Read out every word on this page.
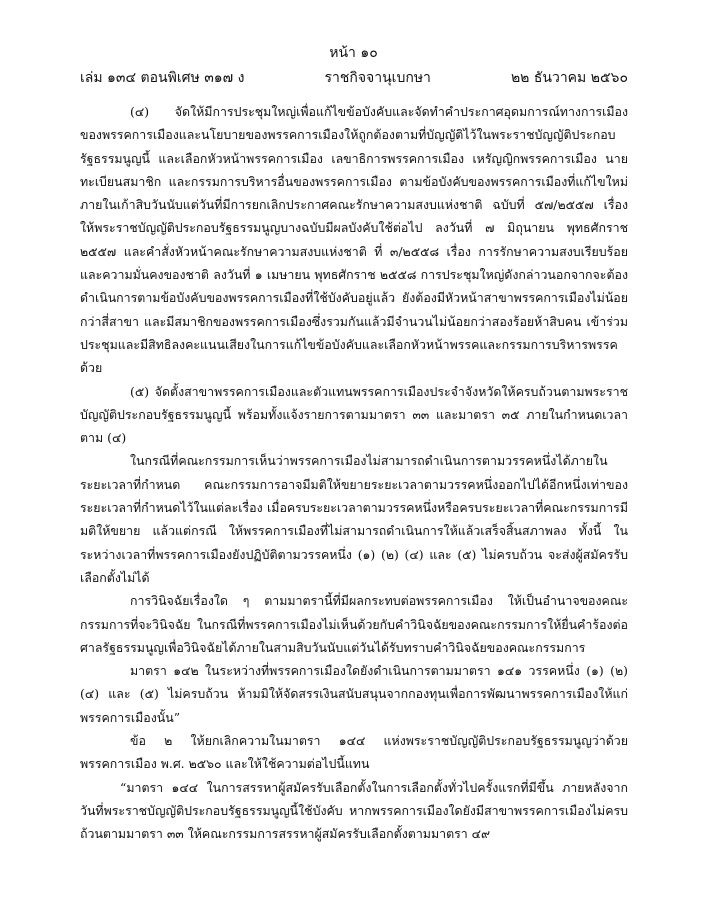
หน้า ๑๐
เล่ม ๑๓๔ ตอนพิเศษ ๓๑๗ ง	ราชกิจจานุเบกษา	๒๒ ธันวาคม ๒๕๖๐

(๔) จัดให้มีการประชุมใหญ่เพื่อแก้ไขข้อบังคับและจัดทำคำประกาศอุดมการณ์ทางการเมืองของพรรคการเมืองและนโยบายของพรรคการเมืองให้ถูกต้องตามที่บัญญัติไว้ในพระราชบัญญัติประกอบรัฐธรรมนูญนี้ และเลือกหัวหน้าพรรคการเมือง เลขาธิการพรรคการเมือง เหรัญญิกพรรคการเมือง นายทะเบียนสมาชิก และกรรมการบริหารอื่นของพรรคการเมือง ตามข้อบังคับของพรรคการเมืองที่แก้ไขใหม่ภายในเก้าสิบวันนับแต่วันที่มีการยกเลิกประกาศคณะรักษาความสงบแห่งชาติ ฉบับที่ ๕๗/๒๕๕๗ เรื่อง ให้พระราชบัญญัติประกอบรัฐธรรมนูญบางฉบับมีผลบังคับใช้ต่อไป ลงวันที่ ๗ มิถุนายน พุทธศักราช ๒๕๕๗ และคำสั่งหัวหน้าคณะรักษาความสงบแห่งชาติ ที่ ๓/๒๕๕๘ เรื่อง การรักษาความสงบเรียบร้อยและความมั่นคงของชาติ ลงวันที่ ๑ เมษายน พุทธศักราช ๒๕๕๘ การประชุมใหญ่ดังกล่าวนอกจากจะต้องดำเนินการตามข้อบังคับของพรรคการเมืองที่ใช้บังคับอยู่แล้ว ยังต้องมีหัวหน้าสาขาพรรคการเมืองไม่น้อยกว่าสี่สาขา และมีสมาชิกของพรรคการเมืองซึ่งรวมกันแล้วมีจำนวนไม่น้อยกว่าสองร้อยห้าสิบคน เข้าร่วมประชุมและมีสิทธิลงคะแนนเสียงในการแก้ไขข้อบังคับและเลือกหัวหน้าพรรคและกรรมการบริหารพรรคด้วย

(๕) จัดตั้งสาขาพรรคการเมืองและตัวแทนพรรคการเมืองประจำจังหวัดให้ครบถ้วนตามพระราชบัญญัติประกอบรัฐธรรมนูญนี้ พร้อมทั้งแจ้งรายการตามมาตรา ๓๓ และมาตรา ๓๕ ภายในกำหนดเวลาตาม (๔)

ในกรณีที่คณะกรรมการเห็นว่าพรรคการเมืองไม่สามารถดำเนินการตามวรรคหนึ่งได้ภายในระยะเวลาที่กำหนด คณะกรรมการอาจมีมติให้ขยายระยะเวลาตามวรรคหนึ่งออกไปได้อีกหนึ่งเท่าของระยะเวลาที่กำหนดไว้ในแต่ละเรื่อง เมื่อครบระยะเวลาตามวรรคหนึ่งหรือครบระยะเวลาที่คณะกรรมการมีมติให้ขยาย แล้วแต่กรณี ให้พรรคการเมืองที่ไม่สามารถดำเนินการให้แล้วเสร็จสิ้นสภาพลง ทั้งนี้ ในระหว่างเวลาที่พรรคการเมืองยังปฏิบัติตามวรรคหนึ่ง (๑) (๒) (๔) และ (๕) ไม่ครบถ้วน จะส่งผู้สมัครรับเลือกตั้งไม่ได้

การวินิจฉัยเรื่องใด ๆ ตามมาตรานี้ที่มีผลกระทบต่อพรรคการเมือง ให้เป็นอำนาจของคณะกรรมการที่จะวินิจฉัย ในกรณีที่พรรคการเมืองไม่เห็นด้วยกับคำวินิจฉัยของคณะกรรมการให้ยื่นคำร้องต่อศาลรัฐธรรมนูญเพื่อวินิจฉัยได้ภายในสามสิบวันนับแต่วันได้รับทราบคำวินิจฉัยของคณะกรรมการ

มาตรา ๑๔๒ ในระหว่างที่พรรคการเมืองใดยังดำเนินการตามมาตรา ๑๔๑ วรรคหนึ่ง (๑) (๒) (๔) และ (๕) ไม่ครบถ้วน ห้ามมิให้จัดสรรเงินสนับสนุนจากกองทุนเพื่อการพัฒนาพรรคการเมืองให้แก่พรรคการเมืองนั้น”

ข้อ ๒ ให้ยกเลิกความในมาตรา ๑๔๔ แห่งพระราชบัญญัติประกอบรัฐธรรมนูญว่าด้วยพรรคการเมือง พ.ศ. ๒๕๖๐ และให้ใช้ความต่อไปนี้แทน

“มาตรา ๑๔๔ ในการสรรหาผู้สมัครรับเลือกตั้งในการเลือกตั้งทั่วไปครั้งแรกที่มีขึ้น ภายหลังจากวันที่พระราชบัญญัติประกอบรัฐธรรมนูญนี้ใช้บังคับ หากพรรคการเมืองใดยังมีสาขาพรรคการเมืองไม่ครบถ้วนตามมาตรา ๓๓ ให้คณะกรรมการสรรหาผู้สมัครรับเลือกตั้งตามมาตรา ๔๙
